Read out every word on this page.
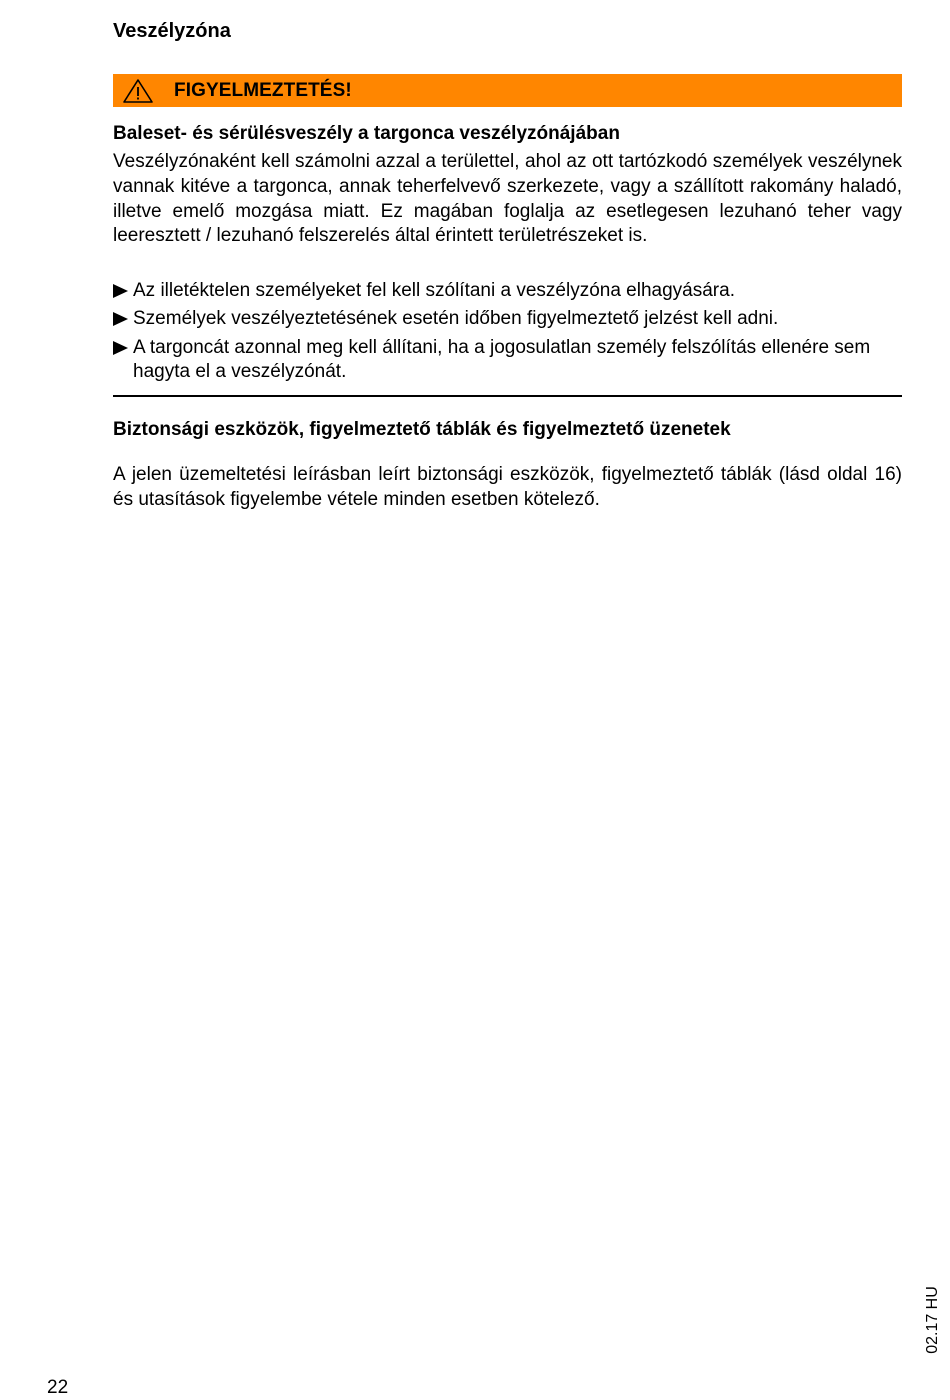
Veszélyzóna
FIGYELMEZTETÉS!
Baleset- és sérülésveszély a targonca veszélyzónájában

Veszélyzónaként kell számolni azzal a területtel, ahol az ott tartózkodó személyek veszélynek vannak kitéve a targonca, annak teherfelvevő szerkezete, vagy a szállított rakomány haladó, illetve emelő mozgása miatt. Ez magában foglalja az esetlegesen lezuhanó teher vagy leeresztett / lezuhanó felszerelés által érintett területrészeket is.

Az illetéktelen személyeket fel kell szólítani a veszélyzóna elhagyására.
Személyek veszélyeztetésének esetén időben figyelmeztető jelzést kell adni.
A targoncát azonnal meg kell állítani, ha a jogosulatlan személy felszólítás ellenére sem hagyta el a veszélyzónát.
Biztonsági eszközök, figyelmeztető táblák és figyelmeztető üzenetek

A jelen üzemeltetési leírásban leírt biztonsági eszközök, figyelmeztető táblák (lásd oldal 16) és utasítások figyelembe vétele minden esetben kötelező.

22
02.17 HU
